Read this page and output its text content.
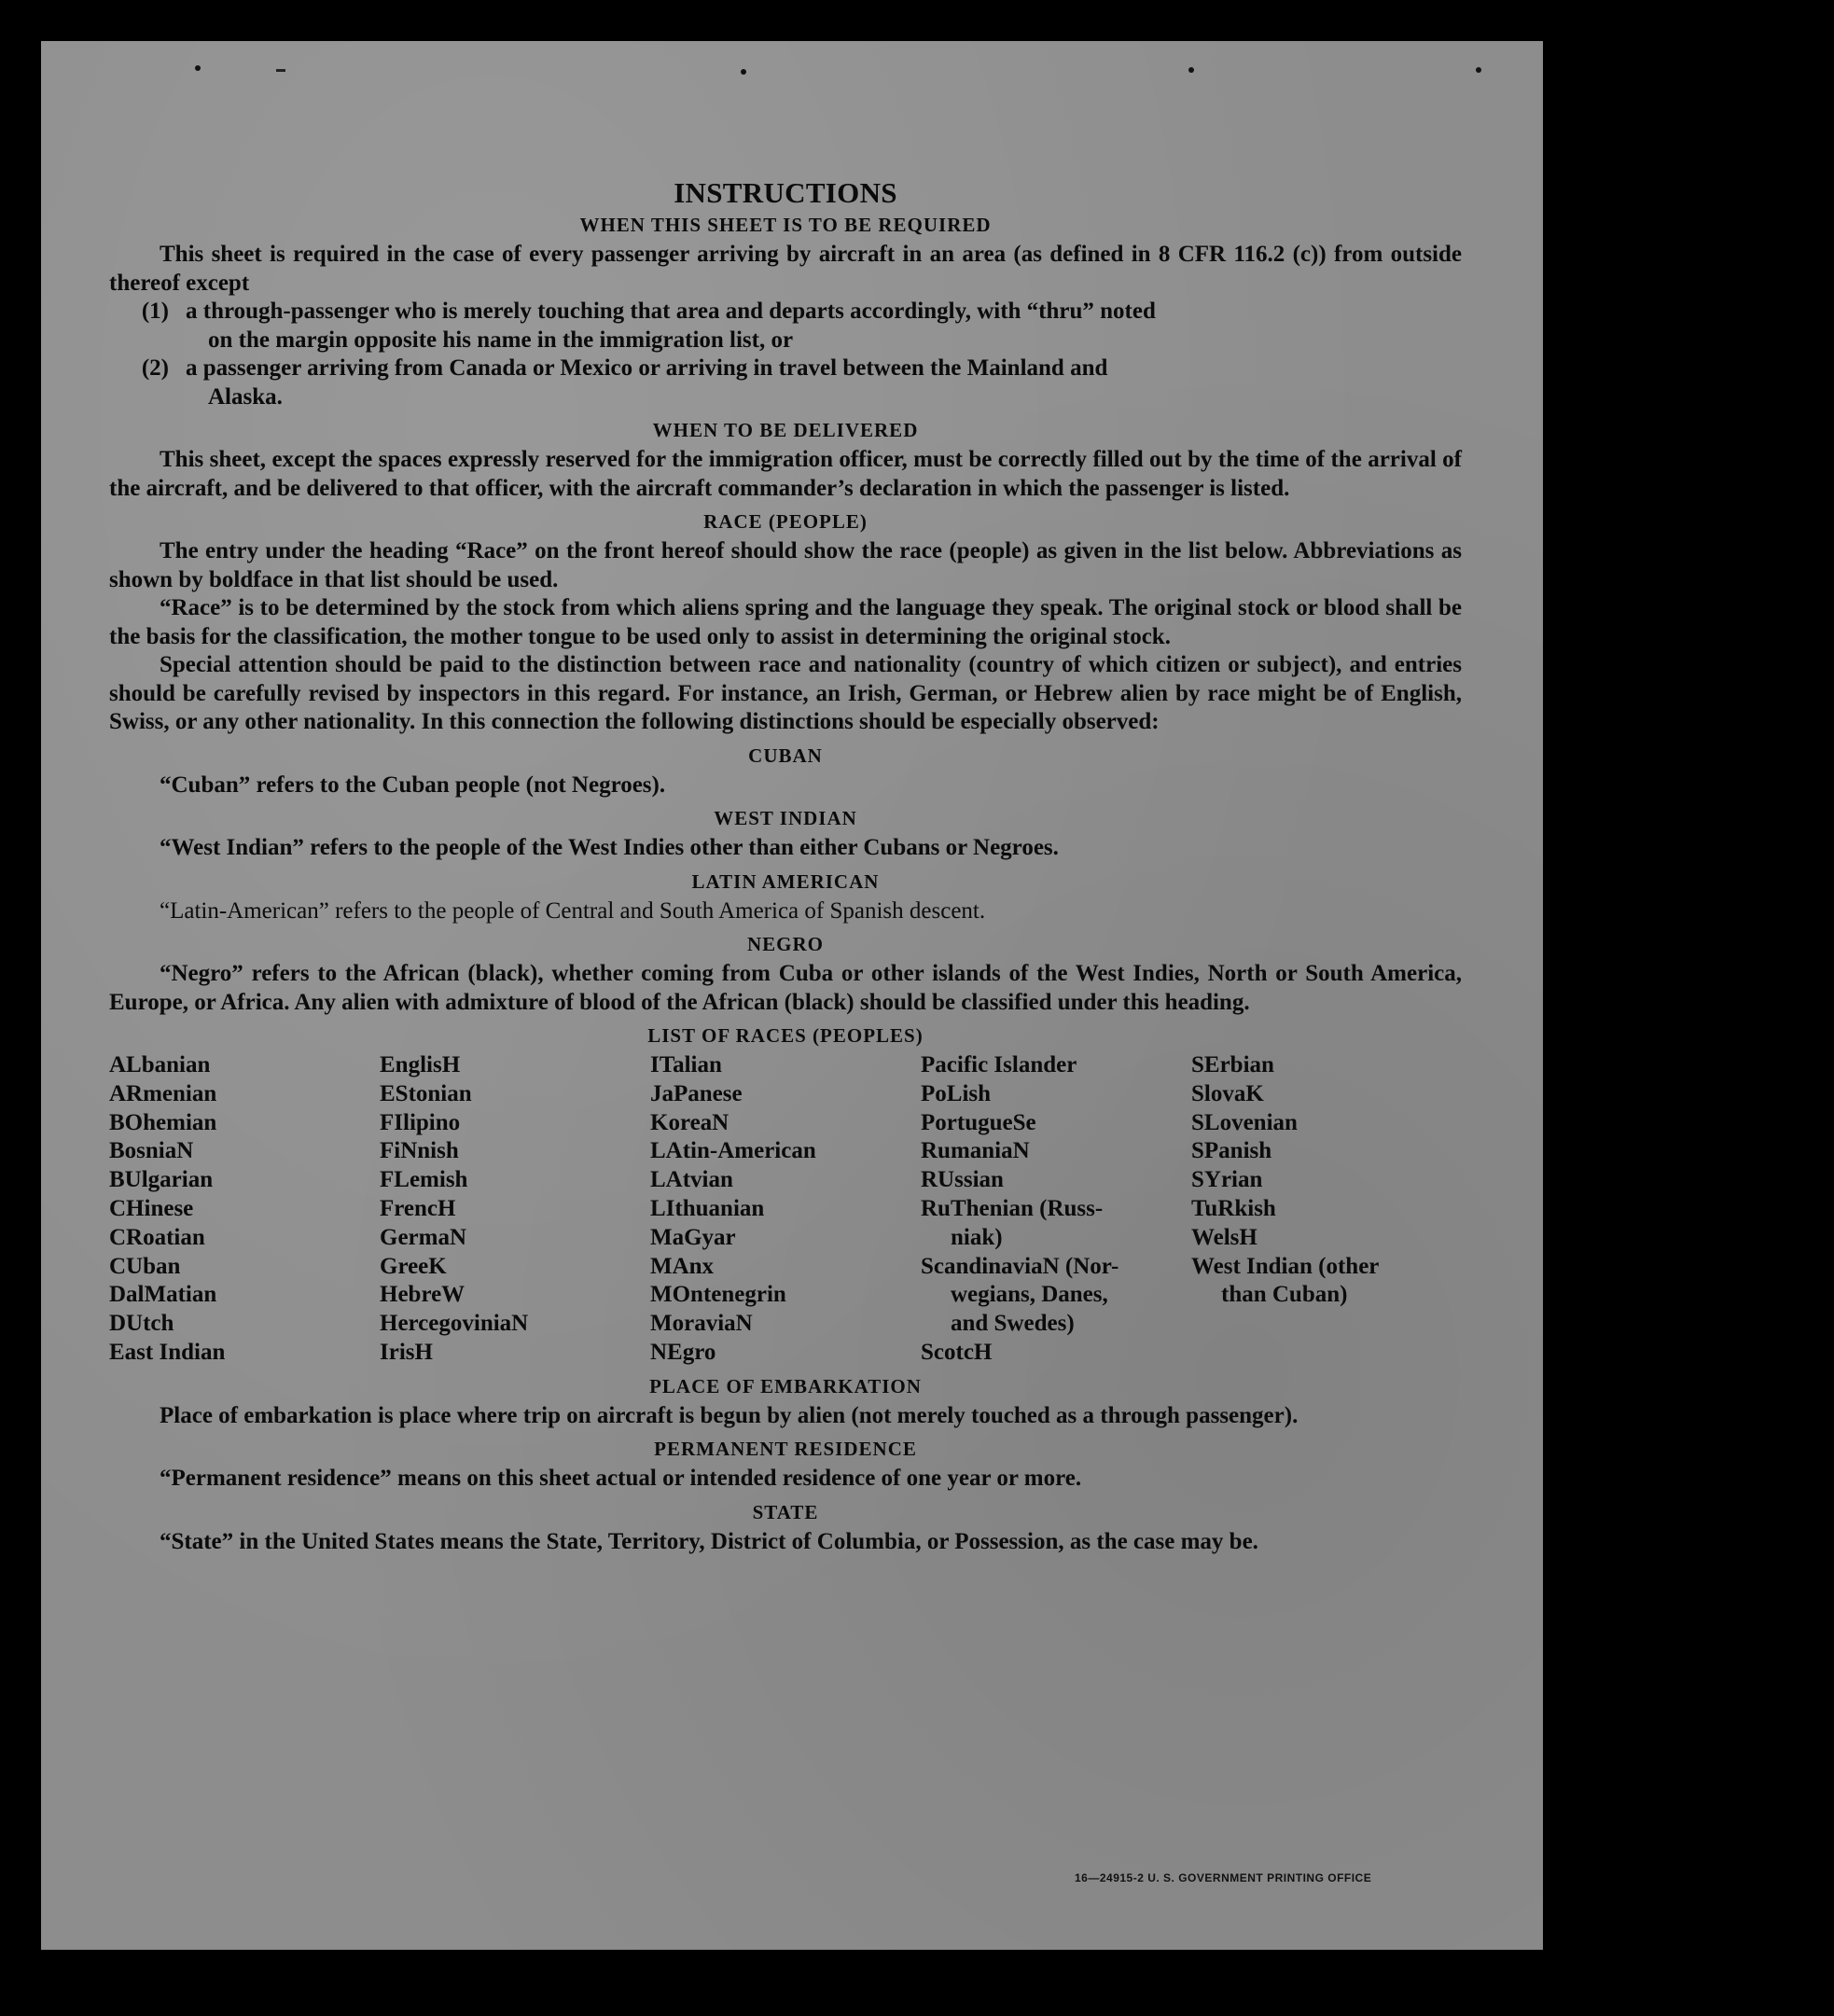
INSTRUCTIONS
WHEN THIS SHEET IS TO BE REQUIRED

This sheet is required in the case of every passenger arriving by aircraft in an area (as defined in 8 CFR 116.2 (c)) from outside thereof except

(1) a through-passenger who is merely touching that area and departs accordingly, with “thru” noted
on the margin opposite his name in the immigration list, or
(2) a passenger arriving from Canada or Mexico or arriving in travel between the Mainland and
Alaska.
WHEN TO BE DELIVERED

This sheet, except the spaces expressly reserved for the immigration officer, must be correctly filled out by the time of the arrival of the aircraft, and be delivered to that officer, with the aircraft commander’s declaration in which the passenger is listed.

RACE (PEOPLE)

The entry under the heading “Race” on the front hereof should show the race (people) as given in the list below. Abbreviations as shown by boldface in that list should be used.

“Race” is to be determined by the stock from which aliens spring and the language they speak. The original stock or blood shall be the basis for the classification, the mother tongue to be used only to assist in determining the original stock.

Special attention should be paid to the distinction between race and nationality (country of which citizen or subject), and entries should be carefully revised by inspectors in this regard. For instance, an Irish, German, or Hebrew alien by race might be of English, Swiss, or any other nationality. In this connection the following distinctions should be especially observed:

CUBAN

“Cuban” refers to the Cuban people (not Negroes).

WEST INDIAN

“West Indian” refers to the people of the West Indies other than either Cubans or Negroes.

LATIN AMERICAN

“Latin-American” refers to the people of Central and South America of Spanish descent.

NEGRO

“Negro” refers to the African (black), whether coming from Cuba or other islands of the West Indies, North or South America, Europe, or Africa. Any alien with admixture of blood of the African (black) should be classified under this heading.

LIST OF RACES (PEOPLES)
ALbanian
ARmenian
BOhemian
BosniaN
BUlgarian
CHinese
CRoatian
CUban
DalMatian
DUtch
East Indian
EnglisH
EStonian
FIlipino
FiNnish
FLemish
FrencH
GermaN
GreeK
HebreW
HercegoviniaN
IrisH
ITalian
JaPanese
KoreaN
LAtin-American
LAtvian
LIthuanian
MaGyar
MAnx
MOntenegrin
MoraviaN
NEgro
Pacific Islander
PoLish
PortugueSe
RumaniaN
RUssian
RuThenian (Russ-
niak)
ScandinaviaN (Nor-
wegians, Danes,
and Swedes)
ScotcH
SErbian
SlovaK
SLovenian
SPanish
SYrian
TuRkish
WelsH
West Indian (other
than Cuban)
PLACE OF EMBARKATION

Place of embarkation is place where trip on aircraft is begun by alien (not merely touched as a through passenger).

PERMANENT RESIDENCE

“Permanent residence” means on this sheet actual or intended residence of one year or more.

STATE

“State” in the United States means the State, Territory, District of Columbia, or Possession, as the case may be.

16—24915-2 U. S. GOVERNMENT PRINTING OFFICE
